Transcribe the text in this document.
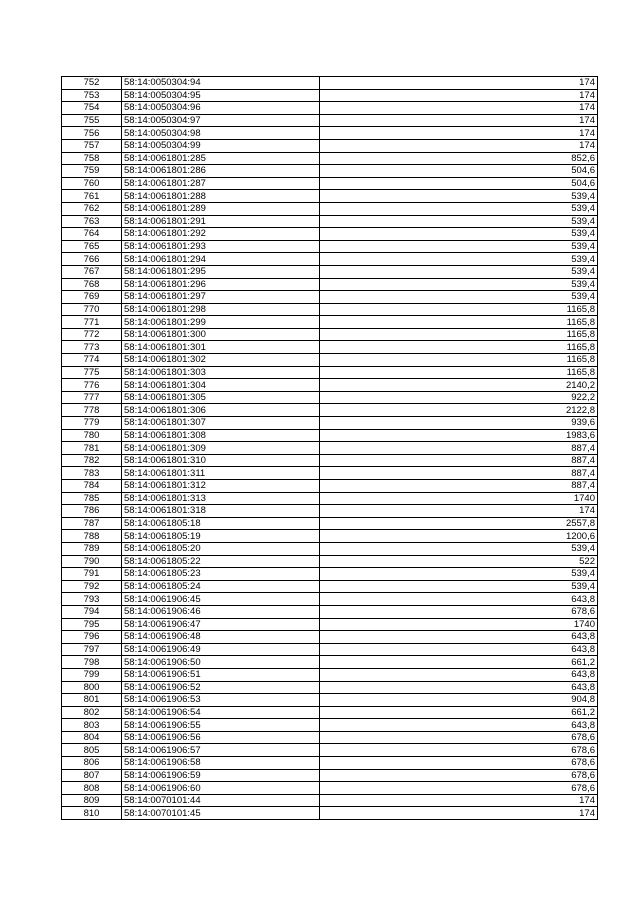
752	58:14:0050304:94	174
753	58:14:0050304:95	174
754	58:14:0050304:96	174
755	58:14:0050304:97	174
756	58:14:0050304:98	174
757	58:14:0050304:99	174
758	58:14:0061801:285	852,6
759	58:14:0061801:286	504,6
760	58:14:0061801:287	504,6
761	58:14:0061801:288	539,4
762	58:14:0061801:289	539,4
763	58:14:0061801:291	539,4
764	58:14:0061801:292	539,4
765	58:14:0061801:293	539,4
766	58:14:0061801:294	539,4
767	58:14:0061801:295	539,4
768	58:14:0061801:296	539,4
769	58:14:0061801:297	539,4
770	58:14:0061801:298	1165,8
771	58:14:0061801:299	1165,8
772	58:14:0061801:300	1165,8
773	58:14:0061801:301	1165,8
774	58:14:0061801:302	1165,8
775	58:14:0061801:303	1165,8
776	58:14:0061801:304	2140,2
777	58:14:0061801:305	922,2
778	58:14:0061801:306	2122,8
779	58:14:0061801:307	939,6
780	58:14:0061801:308	1983,6
781	58:14:0061801:309	887,4
782	58:14:0061801:310	887,4
783	58:14:0061801:311	887,4
784	58:14:0061801:312	887,4
785	58:14:0061801:313	1740
786	58:14:0061801:318	174
787	58:14:0061805:18	2557,8
788	58:14:0061805:19	1200,6
789	58:14:0061805:20	539,4
790	58:14:0061805:22	522
791	58:14:0061805:23	539,4
792	58:14:0061805:24	539,4
793	58:14:0061906:45	643,8
794	58:14:0061906:46	678,6
795	58:14:0061906:47	1740
796	58:14:0061906:48	643,8
797	58:14:0061906:49	643,8
798	58:14:0061906:50	661,2
799	58:14:0061906:51	643,8
800	58:14:0061906:52	643,8
801	58:14:0061906:53	904,8
802	58:14:0061906:54	661,2
803	58:14:0061906:55	643,8
804	58:14:0061906:56	678,6
805	58:14:0061906:57	678,6
806	58:14:0061906:58	678,6
807	58:14:0061906:59	678,6
808	58:14:0061906:60	678,6
809	58:14:0070101:44	174
810	58:14:0070101:45	174
